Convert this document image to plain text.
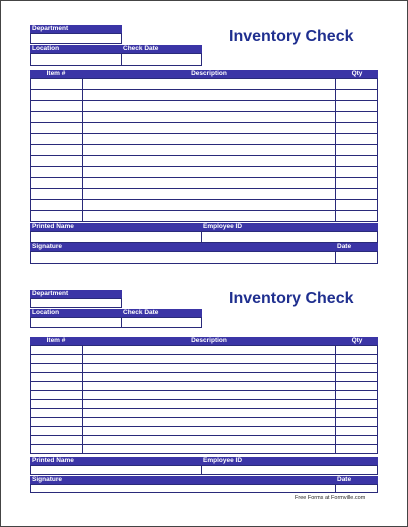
Department
Location	Check Date
Inventory Check
Item #	Description	Qty

Printed Name	Employee ID
Signature	Date
Department
Location	Check Date
Inventory Check
Item #	Description	Qty

Printed Name	Employee ID
Signature	Date
Free Forms at Formville.com
